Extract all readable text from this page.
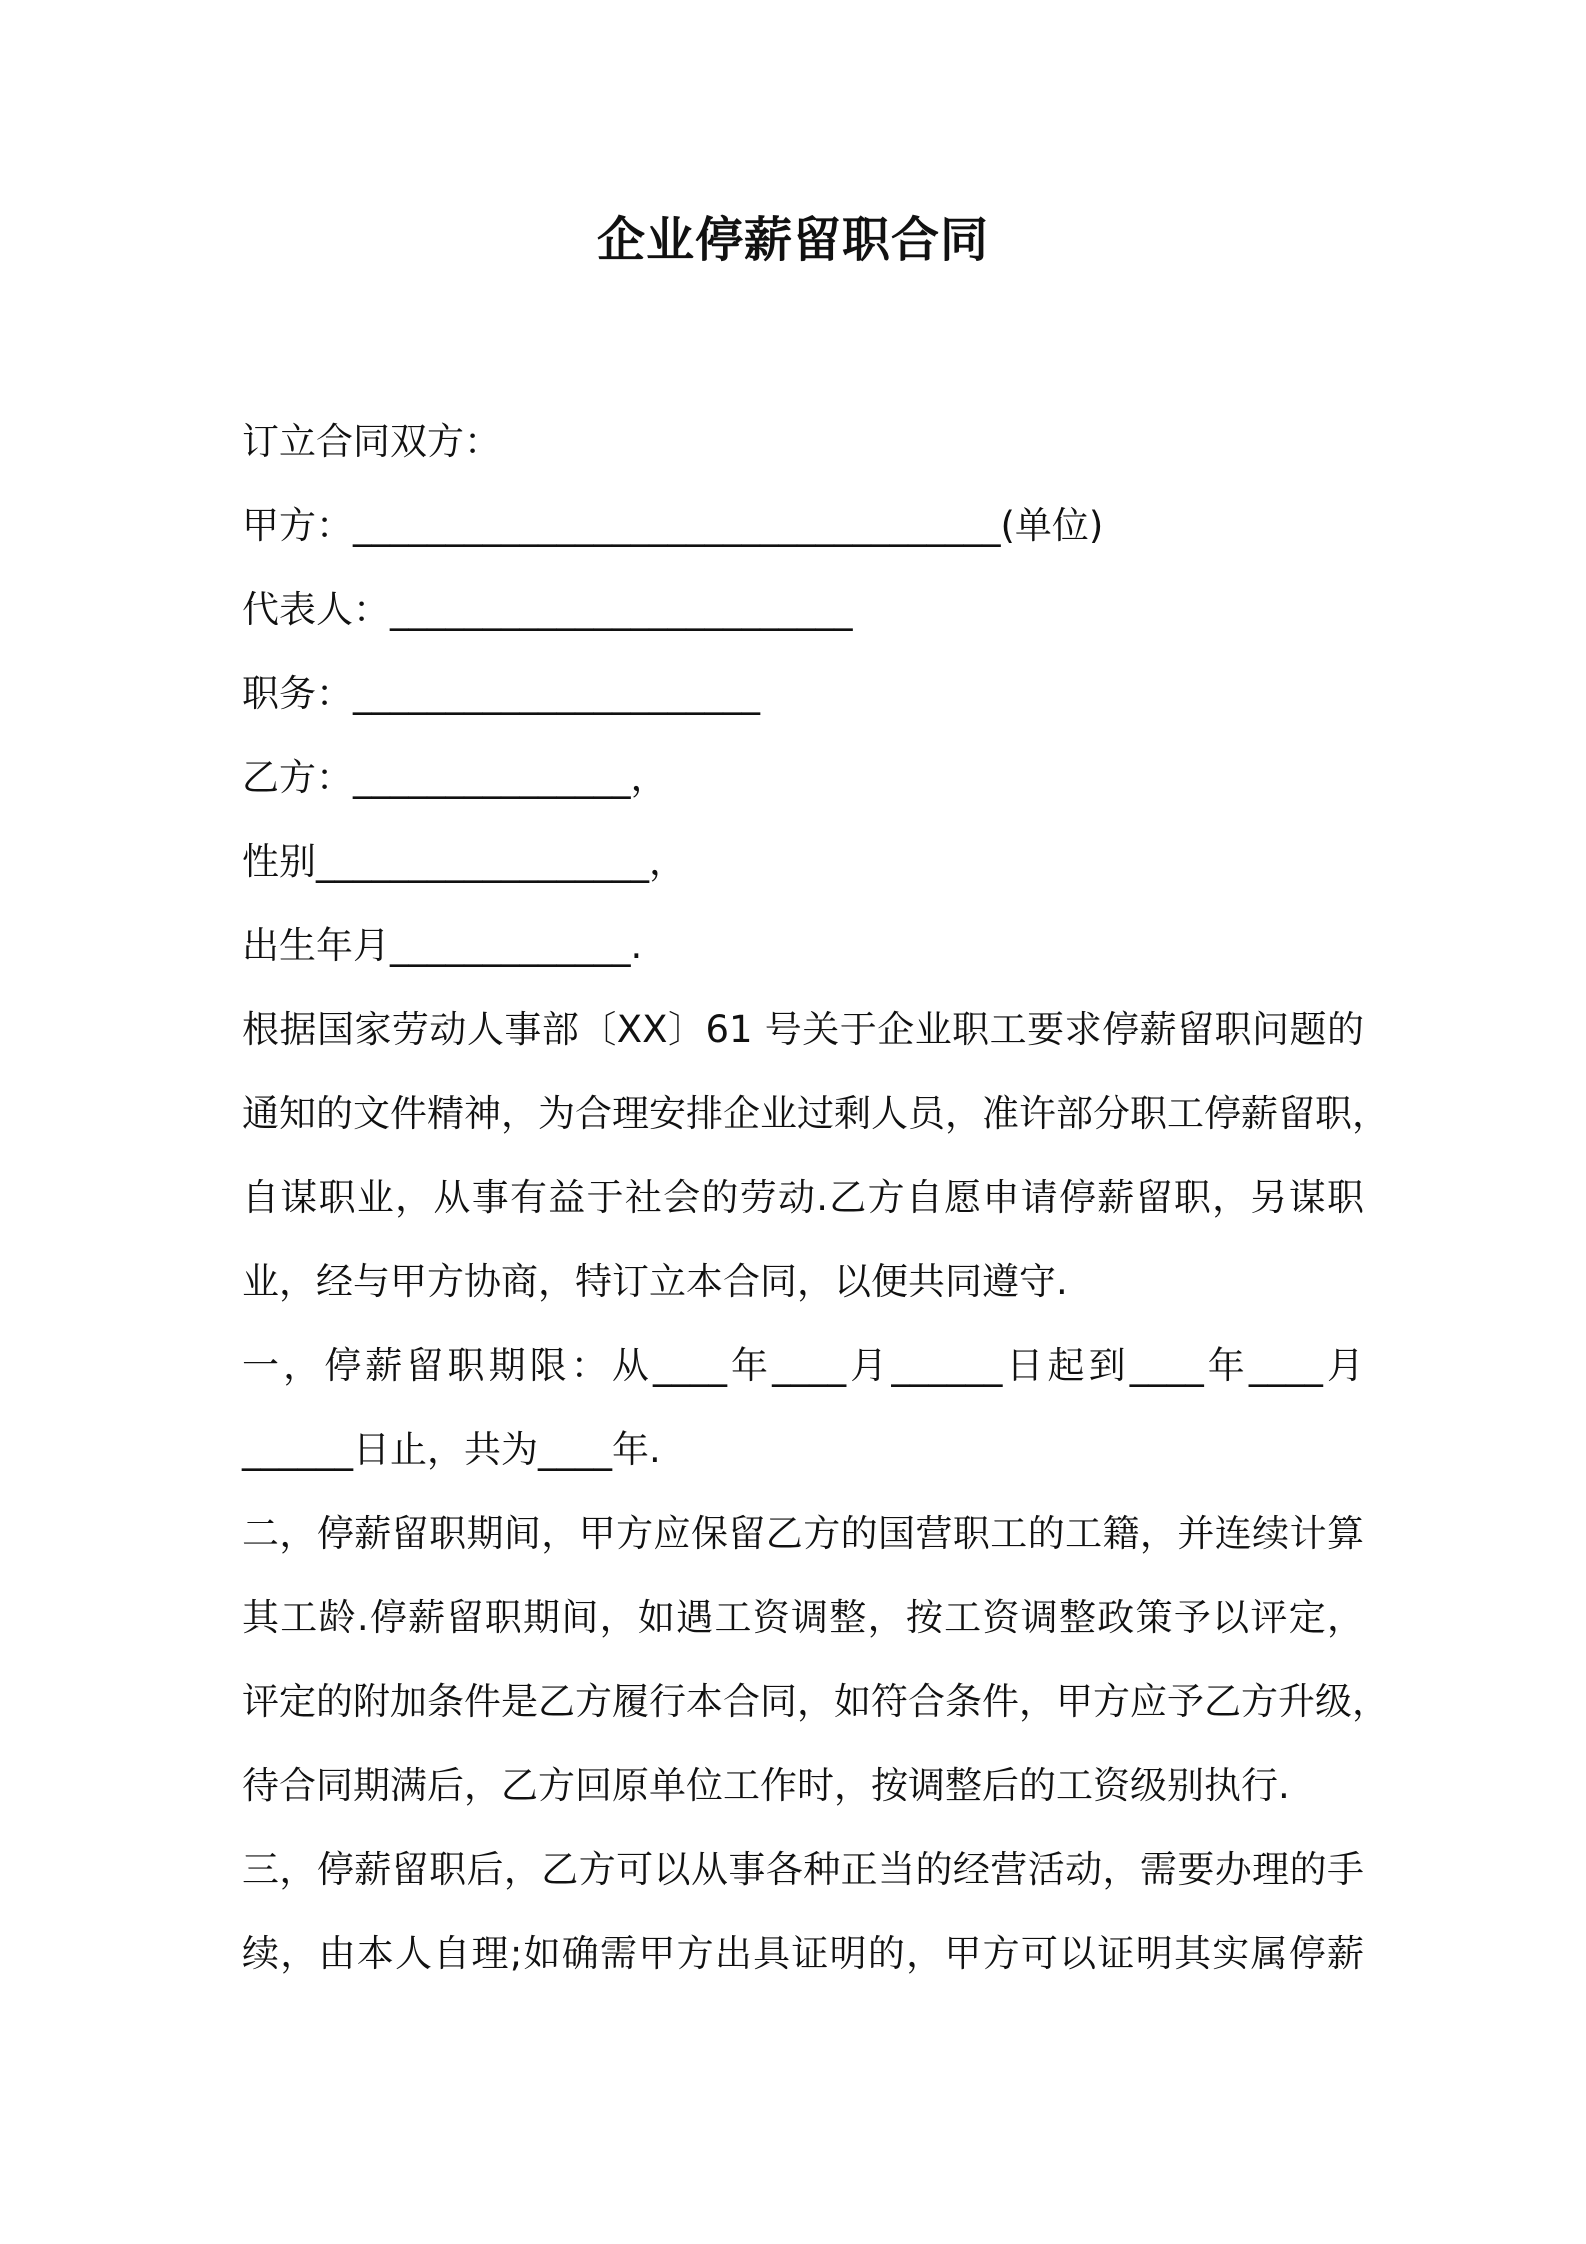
企业停薪留职合同
订立合同双方：
甲方：___________________________________(单位)
代表人：_________________________
职务：______________________
乙方：_______________，
性别__________________，
出生年月_____________.
根据国家劳动人事部〔XX〕61 号关于企业职工要求停薪留职问题的
通知的文件精神，为合理安排企业过剩人员，准许部分职工停薪留职，
自谋职业，从事有益于社会的劳动.乙方自愿申请停薪留职，另谋职
业，经与甲方协商，特订立本合同，以便共同遵守.
一，停薪留职期限：从____年____月______日起到____年____月
______日止，共为____年.
二，停薪留职期间，甲方应保留乙方的国营职工的工籍，并连续计算
其工龄.停薪留职期间，如遇工资调整，按工资调整政策予以评定，
评定的附加条件是乙方履行本合同，如符合条件，甲方应予乙方升级，
待合同期满后，乙方回原单位工作时，按调整后的工资级别执行.
三，停薪留职后，乙方可以从事各种正当的经营活动，需要办理的手
续，由本人自理;如确需甲方出具证明的，甲方可以证明其实属停薪
